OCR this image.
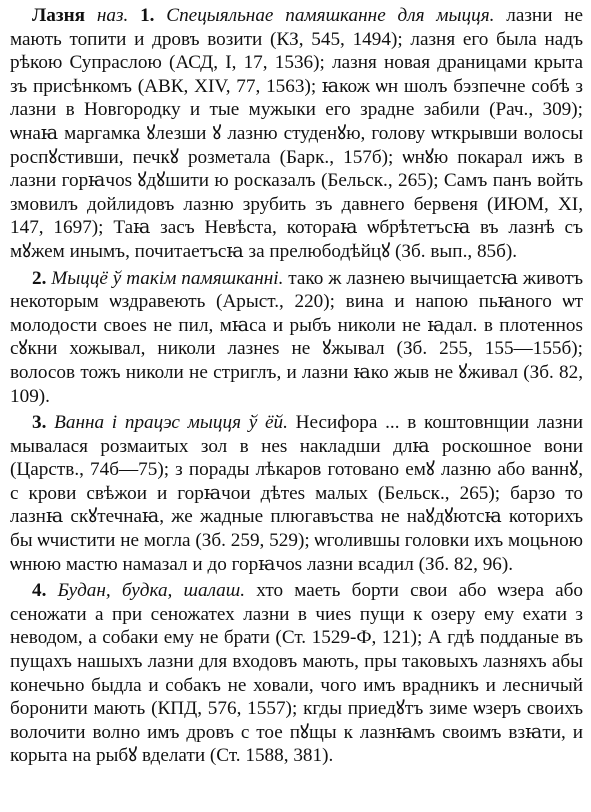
Лазня наз. 1. Спецыяльнае памяшканне для мыцця. лазни не мають топити и дровъ возити (КЗ, 545, 1494); лазня его была надъ рѣкою Супраслою (АСД, I, 17, 1536); лазня новая драницами крыта зъ присѣнкомъ (АВК, XIV, 77, 1563); ꙗкож ѡн шолъ бэзпечне собѣ з лазни в Новгородку и тые мужыки его зрадне забили (Рач., 309); ѡнаꙗ маргамка ꙋлезши ꙋ лазню студенꙋю, голову ѡткрывши волосы роспꙋстивши, печкꙋ розметала (Барк., 157б); ѡнꙋю покарал ижъ в лазни горꙗчоѕ ꙋдꙋшити ю росказалъ (Бельск., 265); Самъ панъ войть змовилъ дойлидовъ лазню зрубить зъ давнего бервеня (ИЮМ, XI, 147, 1697); Таꙗ засъ Невѣста, котораꙗ ѡбрѣтетъсꙗ въ лазнѣ съ мꙋжем инымъ, почитаетъсꙗ за прелюбодѣйцꙋ (Зб. вып., 85б).

2. Мыццё ў такім памяшканні. тако ж лазнею вычищаетсꙗ животъ некоторым ѡздравеють (Арыст., 220); вина и напою пьꙗного ѡт молодости своеѕ не пил, мꙗса и рыбъ николи не ꙗдал. в плотенноѕ сꙋкни хожывал, николи лазнеѕ не ꙋжывал (Зб. 255, 155—155б); волосов тожъ николи не стриглъ, и лазни ꙗко жыв не ꙋживал (Зб. 82, 109).

3. Ванна і працэс мыцця ў ёй. Несифора ... в коштовнщии лазни мывалася розмаитых зол в неѕ накладши длꙗ роскошное вони (Царств., 74б—75); з порады лѣкаров готовано емꙋ лазню або ваннꙋ, с крови свѣжои и горꙗчои дѣтеѕ малых (Бельск., 265); барзо то лазнꙗ скꙋтечнаꙗ, же жадные плюгавъства не наꙋдꙋютсꙗ которихъ бы ѡчистити не могла (Зб. 259, 529); ѡголившы головки ихъ моцьною ѡнюю мастю намазал и до горꙗчоѕ лазни всадил (Зб. 82, 96).

4. Будан, будка, шалаш. хто маеть борти свои або ѡзера або сеножати а при сеножатех лазни в чиеѕ пущи к озеру ему ехати з неводом, а собаки ему не брати (Ст. 1529-Ф, 121); А гдѣ подданые въ пущахъ нашыхъ лазни для входовъ мають, пры таковыхъ лазняхъ абы конечьно быдла и собакъ не ховали, чого имъ врадникъ и лесничый боронити мають (КПД, 576, 1557); кгды приедꙋтъ зиме ѡзеръ своихъ волочити волно имъ дровъ с тое пꙋщы к лазнꙗмъ своимъ взꙗти, и корыта на рыбꙋ вделати (Ст. 1588, 381).
